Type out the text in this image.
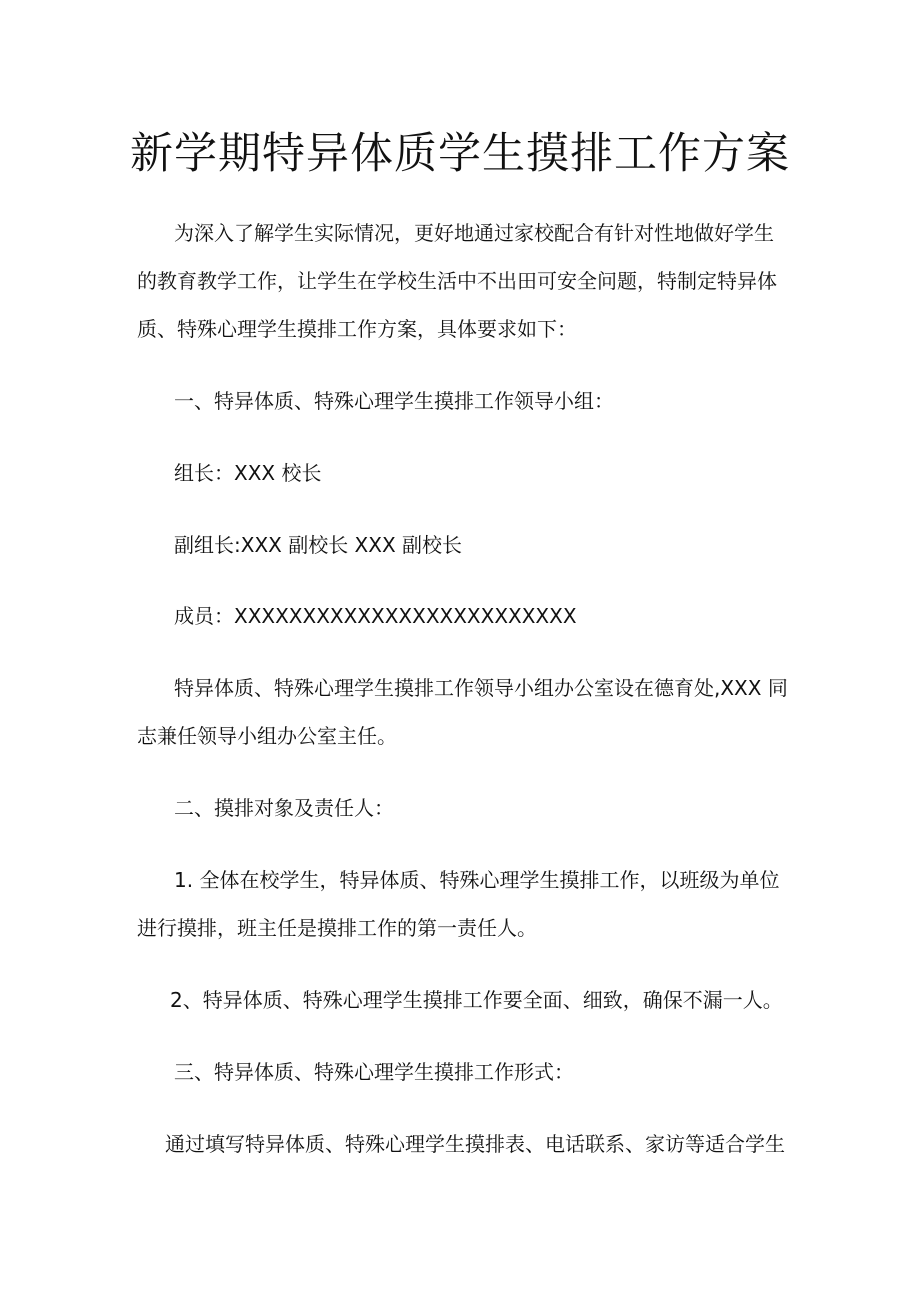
新学期特异体质学生摸排工作方案

为深入了解学生实际情况，更好地通过家校配合有针对性地做好学生

的教育教学工作，让学生在学校生活中不出田可安全问题，特制定特异体

质、特殊心理学生摸排工作方案，具体要求如下：

一、特异体质、特殊心理学生摸排工作领导小组：

组长：XXX 校长

副组长:XXX 副校长 XXX 副校长

成员：XXXXXXXXXXXXXXXXXXXXXXXXX

特异体质、特殊心理学生摸排工作领导小组办公室设在德育处,XXX 同

志兼任领导小组办公室主任。

二、摸排对象及责任人：

1. 全体在校学生，特异体质、特殊心理学生摸排工作，以班级为单位

进行摸排，班主任是摸排工作的第一责任人。

2、特异体质、特殊心理学生摸排工作要全面、细致，确保不漏一人。

三、特异体质、特殊心理学生摸排工作形式：

通过填写特异体质、特殊心理学生摸排表、电话联系、家访等适合学生
